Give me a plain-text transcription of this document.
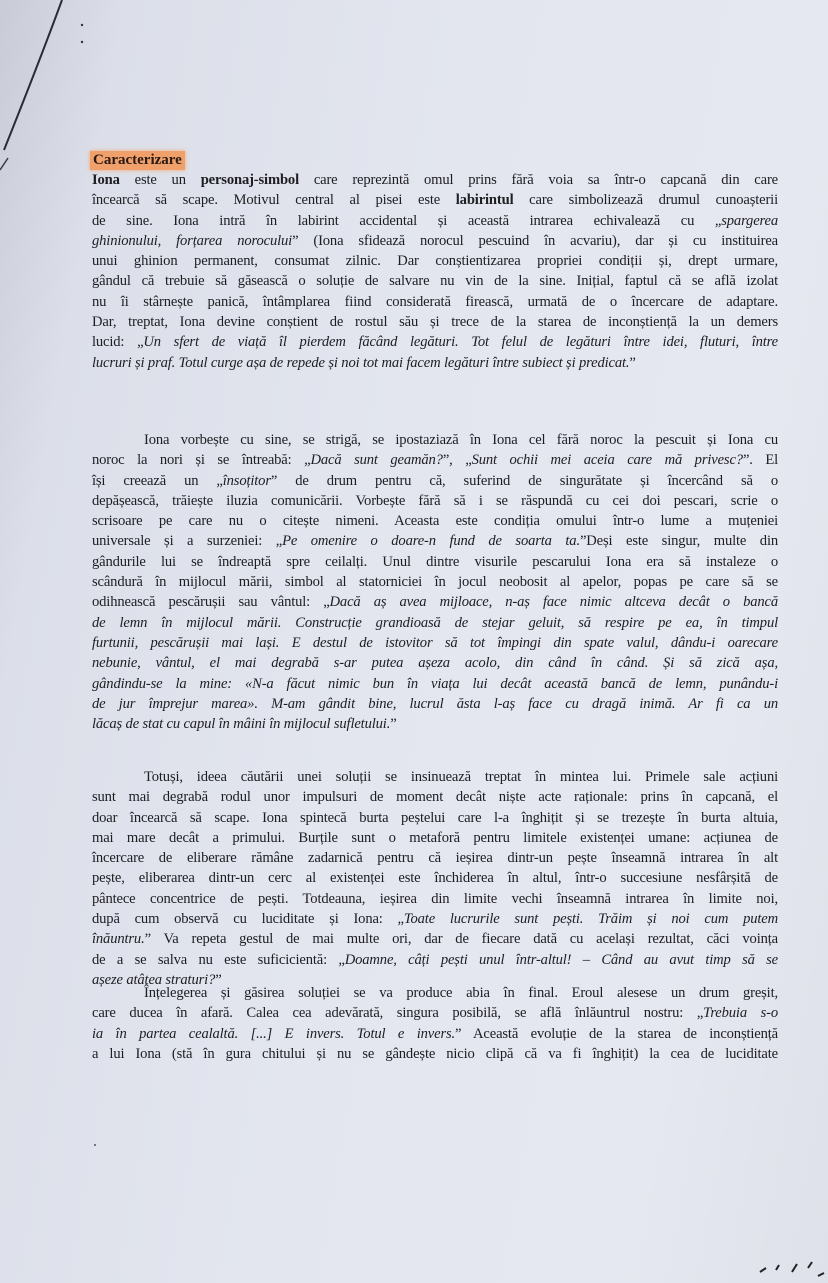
Caracterizare
Iona este un personaj-simbol care reprezintă omul prins fără voia sa într-o capcană din care
încearcă să scape. Motivul central al pisei este labirintul care simbolizează drumul cunoașterii
de sine. Iona intră în labirint accidental și această intrarea echivalează cu „spargerea
ghinionului, forțarea norocului” (Iona sfidează norocul pescuind în acvariu), dar și cu instituirea
unui ghinion permanent, consumat zilnic. Dar conștientizarea propriei condiții și, drept urmare,
gândul că trebuie să găsească o soluție de salvare nu vin de la sine. Inițial, faptul că se află izolat
nu îi stârnește panică, întâmplarea fiind considerată firească, urmată de o încercare de adaptare.
Dar, treptat, Iona devine conștient de rostul său și trece de la starea de inconștiență la un demers
lucid: „Un sfert de viață îl pierdem făcând legături. Tot felul de legături între idei, fluturi, între
lucruri și praf. Totul curge așa de repede și noi tot mai facem legături între subiect și predicat.”
Iona vorbește cu sine, se strigă, se ipostaziază în Iona cel fără noroc la pescuit și Iona cu
noroc la nori și se întreabă: „Dacă sunt geamăn?”, „Sunt ochii mei aceia care mă privesc?”. El
își creează un „însoțitor” de drum pentru că, suferind de singurătate și încercând să o
depășească, trăiește iluzia comunicării. Vorbește fără să i se răspundă cu cei doi pescari, scrie o
scrisoare pe care nu o citește nimeni. Aceasta este condiția omului într-o lume a muțeniei
universale și a surzeniei: „Pe omenire o doare-n fund de soarta ta.”Deși este singur, multe din
gândurile lui se îndreaptă spre ceilalți. Unul dintre visurile pescarului Iona era să instaleze o
scândură în mijlocul mării, simbol al statorniciei în jocul neobosit al apelor, popas pe care să se
odihnească pescărușii sau vântul: „Dacă aș avea mijloace, n-aș face nimic altceva decât o bancă
de lemn în mijlocul mării. Construcție grandioasă de stejar geluit, să respire pe ea, în timpul
furtunii, pescărușii mai lași. E destul de istovitor să tot împingi din spate valul, dându-i oarecare
nebunie, vântul, el mai degrabă s-ar putea așeza acolo, din când în când. Și să zică așa,
gândindu-se la mine: «N-a făcut nimic bun în viața lui decât această bancă de lemn, punându-i
de jur împrejur marea». M-am gândit bine, lucrul ăsta l-aș face cu dragă inimă. Ar fi ca un
lăcaș de stat cu capul în mâini în mijlocul sufletului.”
Totuși, ideea căutării unei soluții se insinuează treptat în mintea lui. Primele sale acțiuni
sunt mai degrabă rodul unor impulsuri de moment decât niște acte raționale: prins în capcană, el
doar încearcă să scape. Iona spintecă burta peștelui care l-a înghițit și se trezește în burta altuia,
mai mare decât a primului. Burțile sunt o metaforă pentru limitele existenței umane: acțiunea de
încercare de eliberare rămâne zadarnică pentru că ieșirea dintr-un pește înseamnă intrarea în alt
pește, eliberarea dintr-un cerc al existenței este închiderea în altul, într-o succesiune nesfârșită de
pântece concentrice de pești. Totdeauna, ieșirea din limite vechi înseamnă intrarea în limite noi,
după cum observă cu luciditate și Iona: „Toate lucrurile sunt pești. Trăim și noi cum putem
înăuntru.” Va repeta gestul de mai multe ori, dar de fiecare dată cu același rezultat, căci voința
de a se salva nu este suficicientă: „Doamne, câți pești unul într-altul! – Când au avut timp să se
așeze atâtea straturi?”
Înțelegerea și găsirea soluției se va produce abia în final. Eroul alesese un drum greșit,
care ducea în afară. Calea cea adevărată, singura posibilă, se află înlăuntrul nostru: „Trebuia s-o
ia în partea cealaltă. [...] E invers. Totul e invers.” Această evoluție de la starea de inconștiență
a lui Iona (stă în gura chitului și nu se gândește nicio clipă că va fi înghițit) la cea de luciditate
